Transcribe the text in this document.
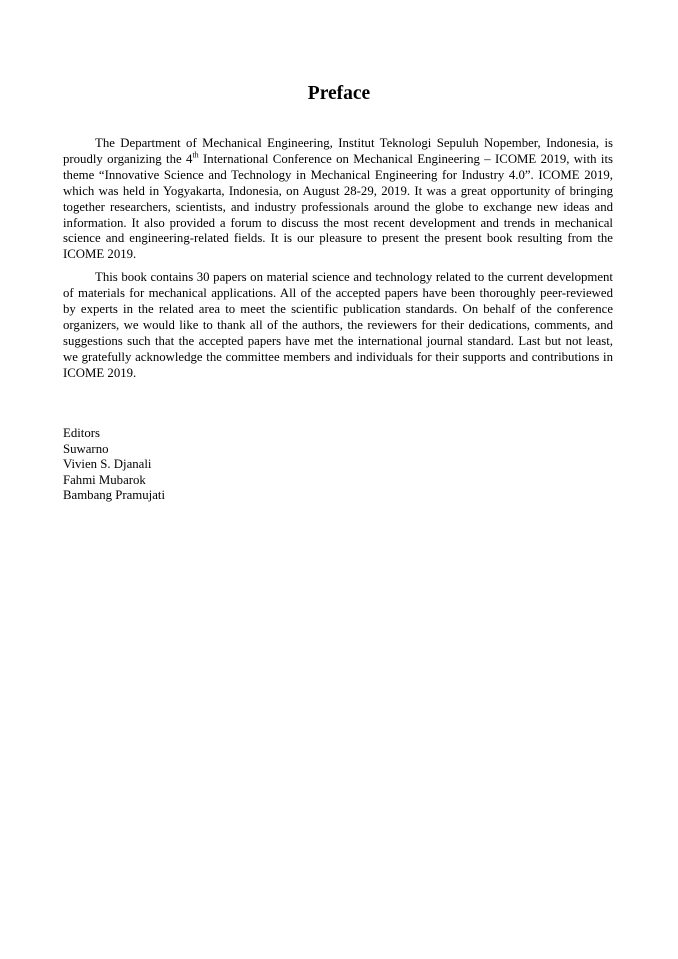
Preface

The Department of Mechanical Engineering, Institut Teknologi Sepuluh Nopember, Indonesia, is proudly organizing the 4th International Conference on Mechanical Engineering – ICOME 2019, with its theme “Innovative Science and Technology in Mechanical Engineering for Industry 4.0”. ICOME 2019, which was held in Yogyakarta, Indonesia, on August 28-29, 2019. It was a great opportunity of bringing together researchers, scientists, and industry professionals around the globe to exchange new ideas and information. It also provided a forum to discuss the most recent development and trends in mechanical science and engineering-related fields. It is our pleasure to present the present book resulting from the ICOME 2019.

This book contains 30 papers on material science and technology related to the current development of materials for mechanical applications. All of the accepted papers have been thoroughly peer-reviewed by experts in the related area to meet the scientific publication standards. On behalf of the conference organizers, we would like to thank all of the authors, the reviewers for their dedications, comments, and suggestions such that the accepted papers have met the international journal standard. Last but not least, we gratefully acknowledge the committee members and individuals for their supports and contributions in ICOME 2019.

Editors
Suwarno
Vivien S. Djanali
Fahmi Mubarok
Bambang Pramujati
